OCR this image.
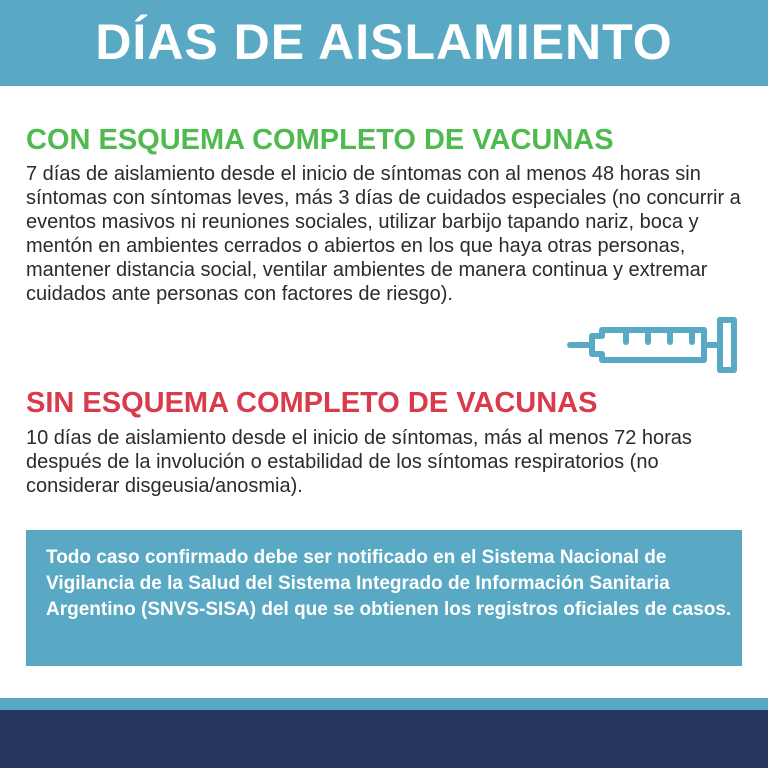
DÍAS DE AISLAMIENTO
CON ESQUEMA COMPLETO DE VACUNAS
7 días de aislamiento desde el inicio de síntomas con al menos 48 horas sin síntomas con síntomas leves, más 3 días de cuidados especiales (no concurrir a eventos masivos ni reuniones sociales, utilizar barbijo tapando nariz, boca y mentón en ambientes cerrados o abiertos en los que haya otras personas, mantener distancia social, ventilar ambientes de manera continua y extremar cuidados ante personas con factores de riesgo).
SIN ESQUEMA COMPLETO DE VACUNAS
10 días de aislamiento desde el inicio de síntomas, más al menos 72 horas después de la involución o estabilidad de los síntomas respiratorios (no considerar disgeusia/anosmia).
Todo caso confirmado debe ser notificado en el Sistema Nacional de Vigilancia de la Salud del Sistema Integrado de Información Sanitaria Argentino (SNVS-SISA) del que se obtienen los registros oficiales de casos.
